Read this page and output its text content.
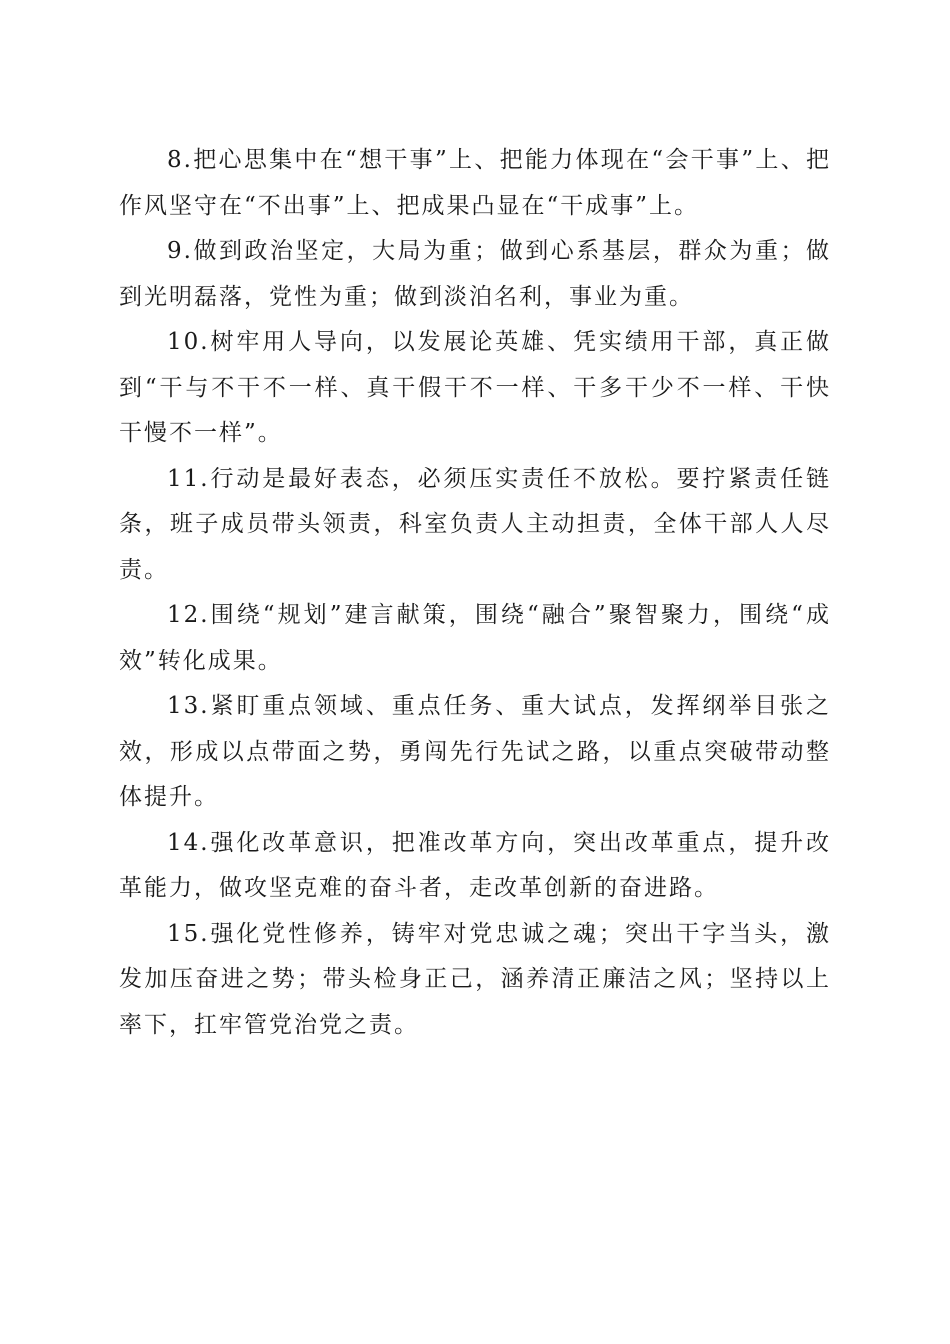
8.把心思集中在“想干事”上、把能力体现在“会干事”上、把作风坚守在“不出事”上、把成果凸显在“干成事”上。

9.做到政治坚定，大局为重；做到心系基层，群众为重；做到光明磊落，党性为重；做到淡泊名利，事业为重。

10.树牢用人导向，以发展论英雄、凭实绩用干部，真正做到“干与不干不一样、真干假干不一样、干多干少不一样、干快干慢不一样”。

11.行动是最好表态，必须压实责任不放松。要拧紧责任链条，班子成员带头领责，科室负责人主动担责，全体干部人人尽责。

12.围绕“规划”建言献策，围绕“融合”聚智聚力，围绕“成效”转化成果。

13.紧盯重点领域、重点任务、重大试点，发挥纲举目张之效，形成以点带面之势，勇闯先行先试之路，以重点突破带动整体提升。

14.强化改革意识，把准改革方向，突出改革重点，提升改革能力，做攻坚克难的奋斗者，走改革创新的奋进路。

15.强化党性修养，铸牢对党忠诚之魂；突出干字当头，激发加压奋进之势；带头检身正己，涵养清正廉洁之风；坚持以上率下，扛牢管党治党之责。
